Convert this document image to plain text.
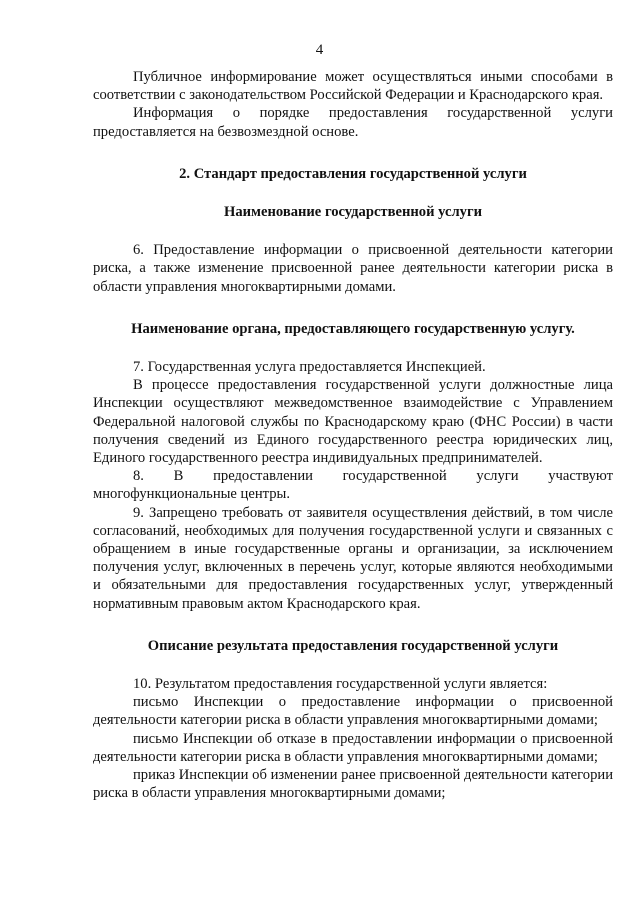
4

Публичное информирование может осуществляться иными способами в соответствии с законодательством Российской Федерации и Краснодарского края.

Информация о порядке предоставления государственной услуги предоставляется на безвозмездной основе.

2. Стандарт предоставления государственной услуги
Наименование государственной услуги

6. Предоставление информации о присвоенной деятельности категории риска, а также изменение присвоенной ранее деятельности категории риска в области управления многоквартирными домами.

Наименование органа, предоставляющего государственную услугу.

7. Государственная услуга предоставляется Инспекцией.

В процессе предоставления государственной услуги должностные лица Инспекции осуществляют межведомственное взаимодействие с Управлением Федеральной налоговой службы по Краснодарскому краю (ФНС России) в части получения сведений из Единого государственного реестра юридических лиц, Единого государственного реестра индивидуальных предпринимателей.

8. В предоставлении государственной услуги участвуют многофункциональные центры.

9. Запрещено требовать от заявителя осуществления действий, в том числе согласований, необходимых для получения государственной услуги и связанных с обращением в иные государственные органы и организации, за исключением получения услуг, включенных в перечень услуг, которые являются необходимыми и обязательными для предоставления государственных услуг, утвержденный нормативным правовым актом Краснодарского края.

Описание результата предоставления государственной услуги

10. Результатом предоставления государственной услуги является:

письмо Инспекции о предоставление информации о присвоенной деятельности категории риска в области управления многоквартирными домами;

письмо Инспекции об отказе в предоставлении информации о присвоенной деятельности категории риска в области управления многоквартирными домами;

приказ Инспекции об изменении ранее присвоенной деятельности категории риска в области управления многоквартирными домами;
